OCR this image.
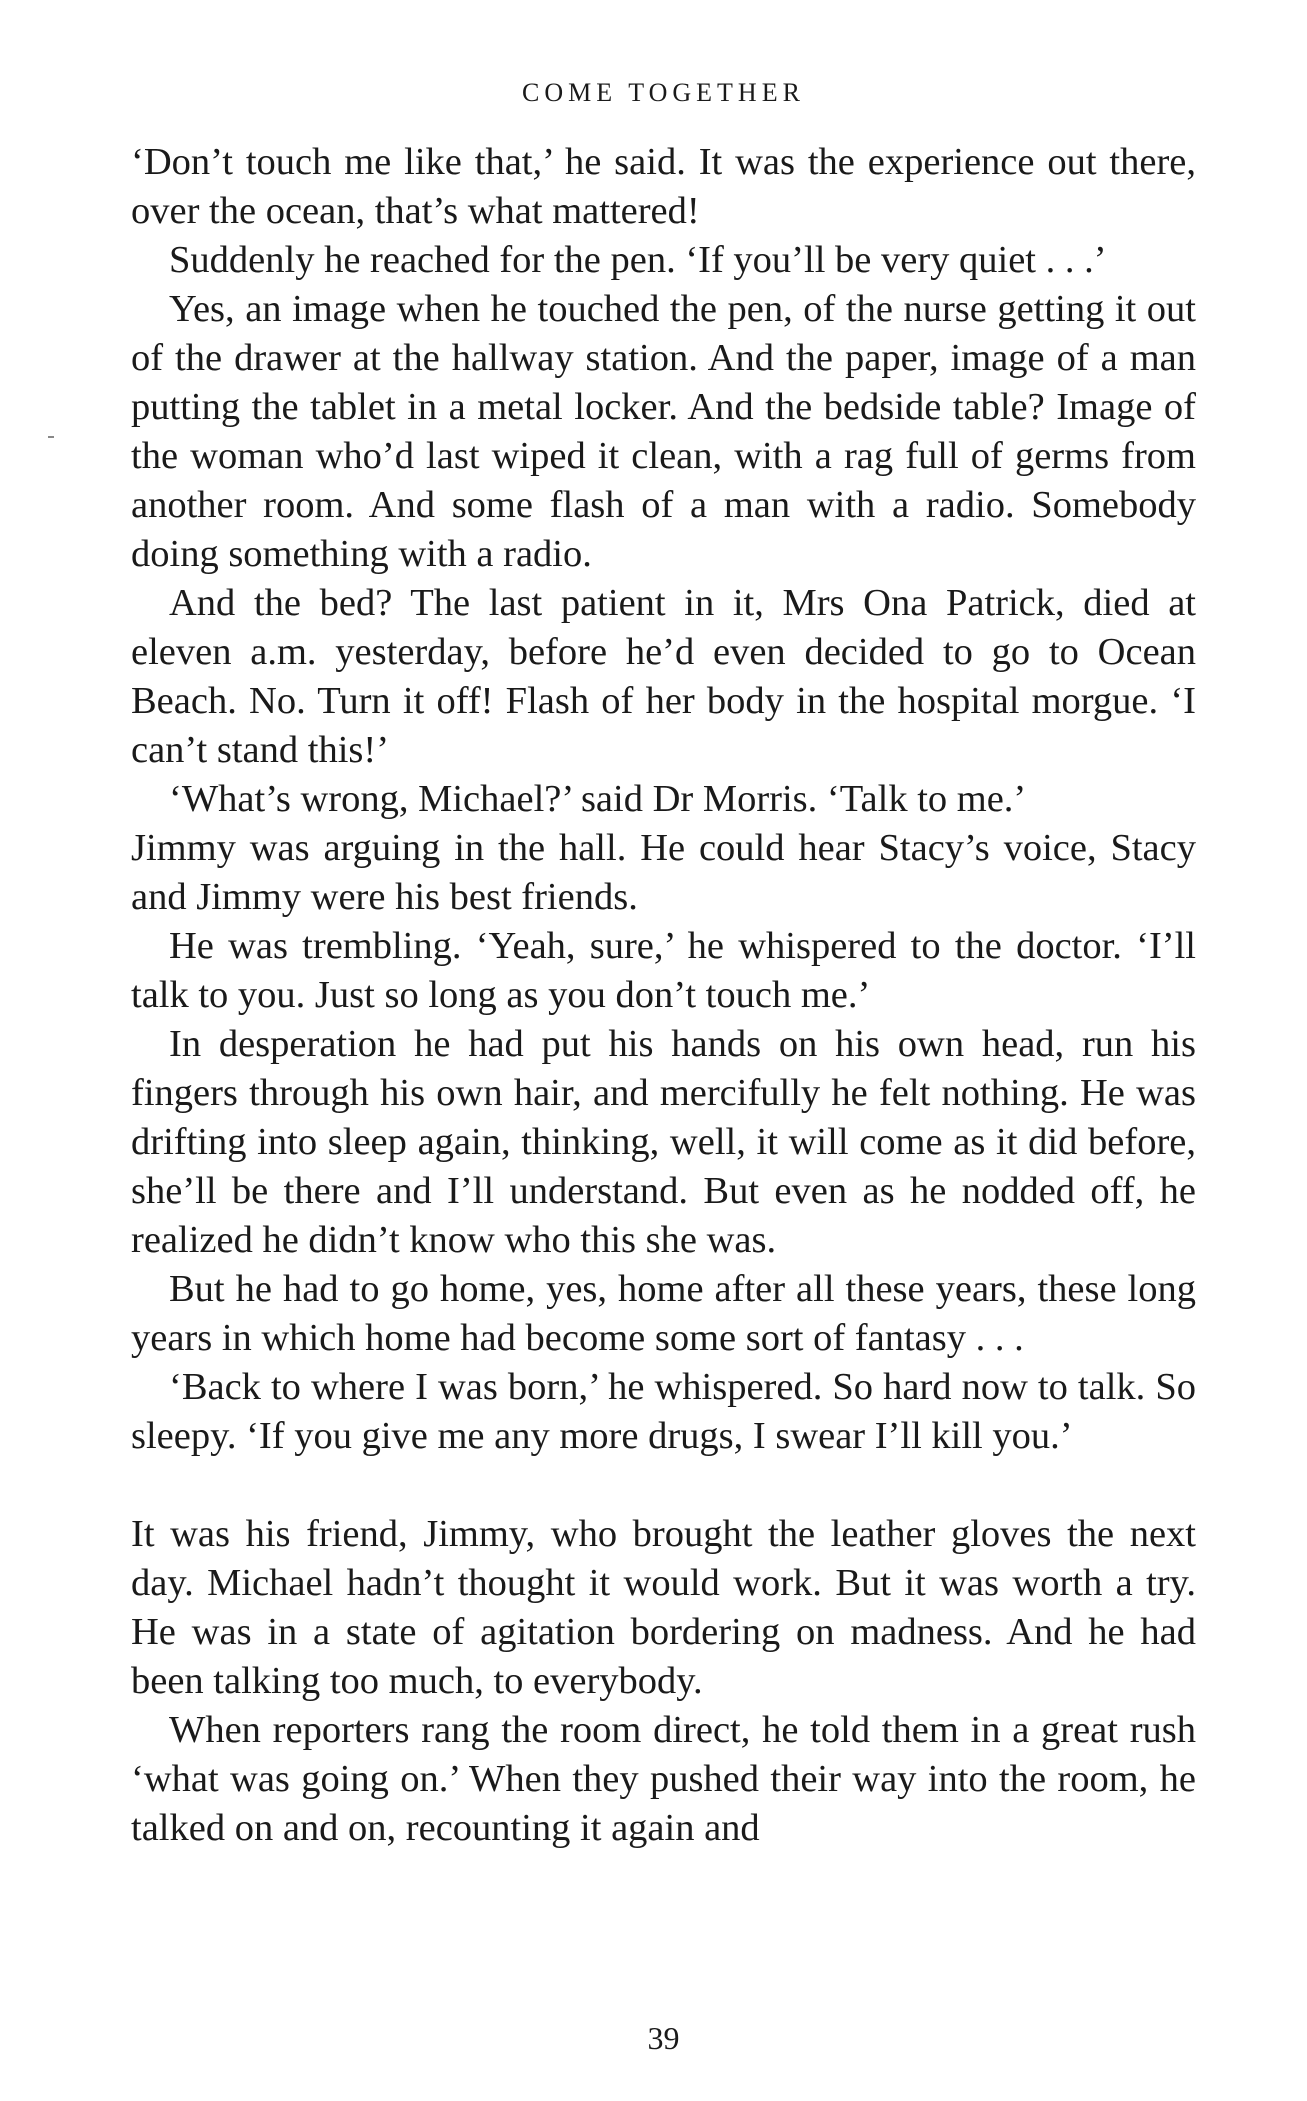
COME TOGETHER

‘Don’t touch me like that,’ he said. It was the experience out there, over the ocean, that’s what mattered!

Suddenly he reached for the pen. ‘If you’ll be very quiet . . .’

Yes, an image when he touched the pen, of the nurse getting it out of the drawer at the hallway station. And the paper, image of a man putting the tablet in a metal locker. And the bedside table? Image of the woman who’d last wiped it clean, with a rag full of germs from another room. And some flash of a man with a radio. Somebody doing something with a radio.

And the bed? The last patient in it, Mrs Ona Patrick, died at eleven a.m. yesterday, before he’d even decided to go to Ocean Beach. No. Turn it off! Flash of her body in the hospital morgue. ‘I can’t stand this!’

‘What’s wrong, Michael?’ said Dr Morris. ‘Talk to me.’

Jimmy was arguing in the hall. He could hear Stacy’s voice, Stacy and Jimmy were his best friends.

He was trembling. ‘Yeah, sure,’ he whispered to the doctor. ‘I’ll talk to you. Just so long as you don’t touch me.’

In desperation he had put his hands on his own head, run his fingers through his own hair, and mercifully he felt nothing. He was drifting into sleep again, thinking, well, it will come as it did before, she’ll be there and I’ll understand. But even as he nodded off, he realized he didn’t know who this she was.

But he had to go home, yes, home after all these years, these long years in which home had become some sort of fantasy . . .

‘Back to where I was born,’ he whispered. So hard now to talk. So sleepy. ‘If you give me any more drugs, I swear I’ll kill you.’

It was his friend, Jimmy, who brought the leather gloves the next day. Michael hadn’t thought it would work. But it was worth a try. He was in a state of agitation bordering on madness. And he had been talking too much, to everybody.

When reporters rang the room direct, he told them in a great rush ‘what was going on.’ When they pushed their way into the room, he talked on and on, recounting it again and

39
